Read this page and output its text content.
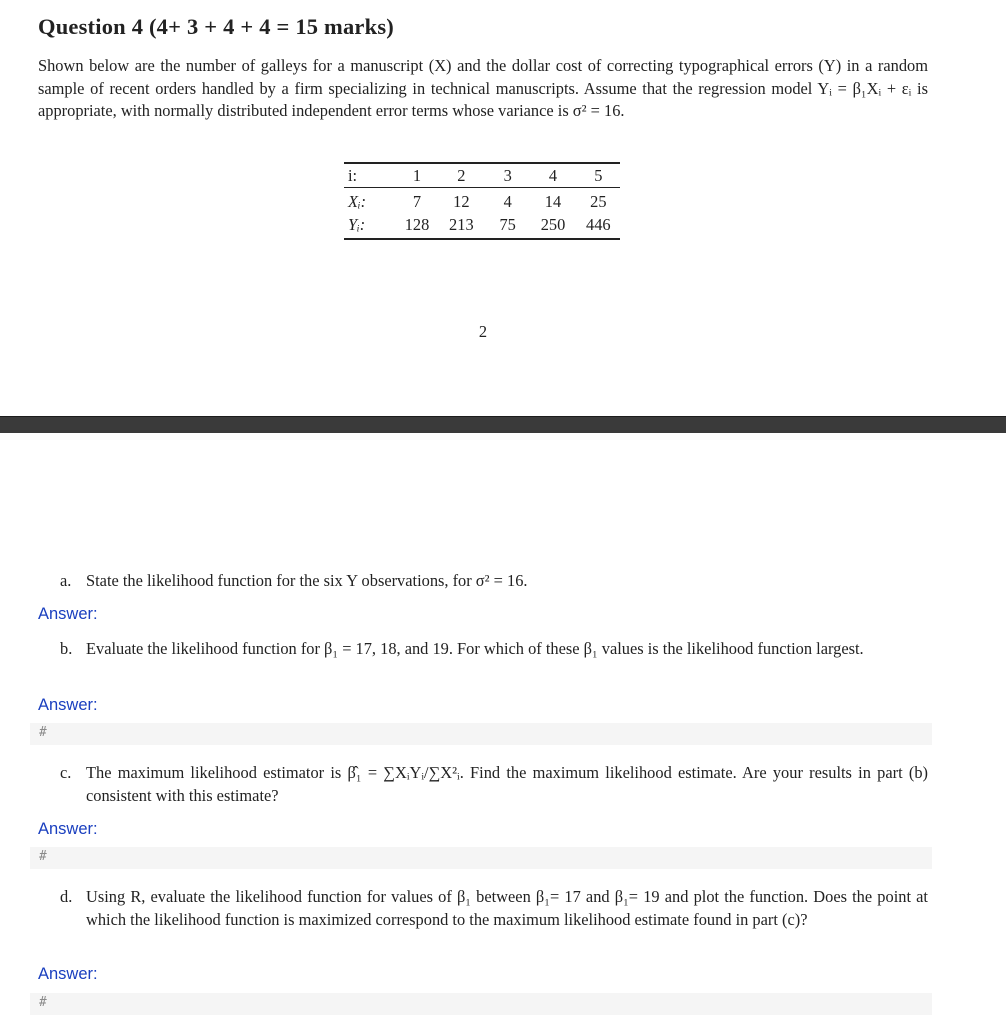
Question 4 (4+ 3 + 4 + 4 = 15 marks)
Shown below are the number of galleys for a manuscript (X) and the dollar cost of correcting typographical errors (Y) in a random sample of recent orders handled by a firm specializing in technical manuscripts. Assume that the regression model Yᵢ = β₁Xᵢ + εᵢ is appropriate, with normally distributed independent error terms whose variance is σ² = 16.
i:	1	2	3	4	5
Xᵢ:	7	12	4	14	25
Yᵢ:	128	213	75	250	446
2
a. State the likelihood function for the six Y observations, for σ² = 16.
Answer:
b. Evaluate the likelihood function for β₁ = 17, 18, and 19. For which of these β₁ values is the likelihood function largest.
Answer:
#
c. The maximum likelihood estimator is β̂₁ = ∑XᵢYᵢ/∑X²ᵢ. Find the maximum likelihood estimate. Are your results in part (b) consistent with this estimate?
Answer:
#
d. Using R, evaluate the likelihood function for values of β₁ between β₁= 17 and β₁= 19 and plot the function. Does the point at which the likelihood function is maximized correspond to the maximum likelihood estimate found in part (c)?
Answer:
#
